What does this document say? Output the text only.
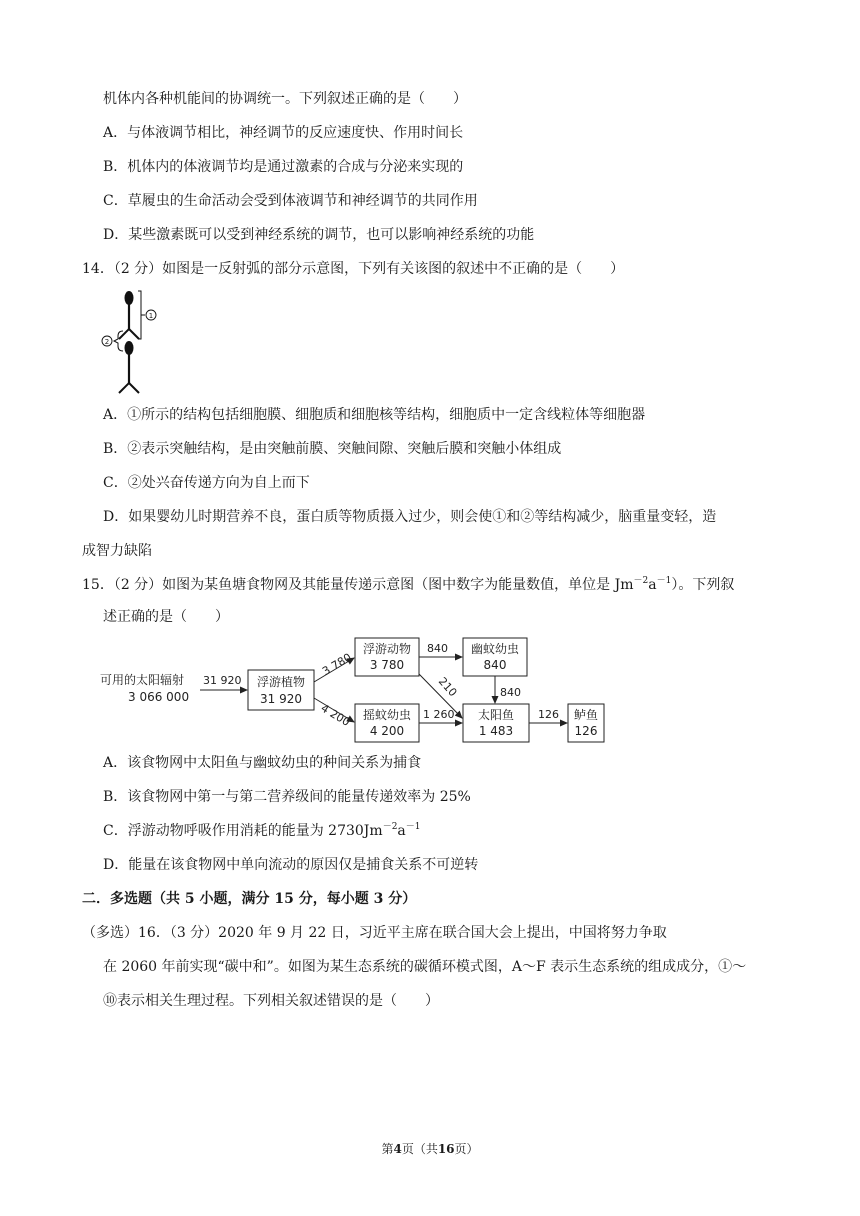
机体内各种机能间的协调统一。下列叙述正确的是（　　）
A．与体液调节相比，神经调节的反应速度快、作用时间长
B．机体内的体液调节均是通过激素的合成与分泌来实现的
C．草履虫的生命活动会受到体液调节和神经调节的共同作用
D．某些激素既可以受到神经系统的调节，也可以影响神经系统的功能
14．（2 分）如图是一反射弧的部分示意图，下列有关该图的叙述中不正确的是（　　）
1
2
A．①所示的结构包括细胞膜、细胞质和细胞核等结构，细胞质中一定含线粒体等细胞器
B．②表示突触结构，是由突触前膜、突触间隙、突触后膜和突触小体组成
C．②处兴奋传递方向为自上而下
D．如果婴幼儿时期营养不良，蛋白质等物质摄入过少，则会使①和②等结构减少，脑重量变轻，造
成智力缺陷
15．（2 分）如图为某鱼塘食物网及其能量传递示意图（图中数字为能量数值，单位是 $Jm^{-2}a^{-1}$）。下列叙
述正确的是（　　）
可用的太阳辐射
3 066 000
浮游植物
31 920
浮游动物
3 780
幽蚊幼虫
840
摇蚊幼虫
4 200
太阳鱼
1 483
鲈鱼
126
31 920
3 780
4 200
840
210	840
1 260	126
A．该食物网中太阳鱼与幽蚊幼虫的种间关系为捕食
B．该食物网中第一与第二营养级间的能量传递效率为 25%
C．浮游动物呼吸作用消耗的能量为 $2730Jm^{-2}a^{-1}$
D．能量在该食物网中单向流动的原因仅是捕食关系不可逆转
二．多选题（共 5 小题，满分 15 分，每小题 3 分）
（多选）16．（3 分）2020 年 9 月 22 日，习近平主席在联合国大会上提出，中国将努力争取
在 2060 年前实现“碳中和”。如图为某生态系统的碳循环模式图，A～F 表示生态系统的组成成分，①～
⑩表示相关生理过程。下列相关叙述错误的是（　　）
第4页（共16页）
